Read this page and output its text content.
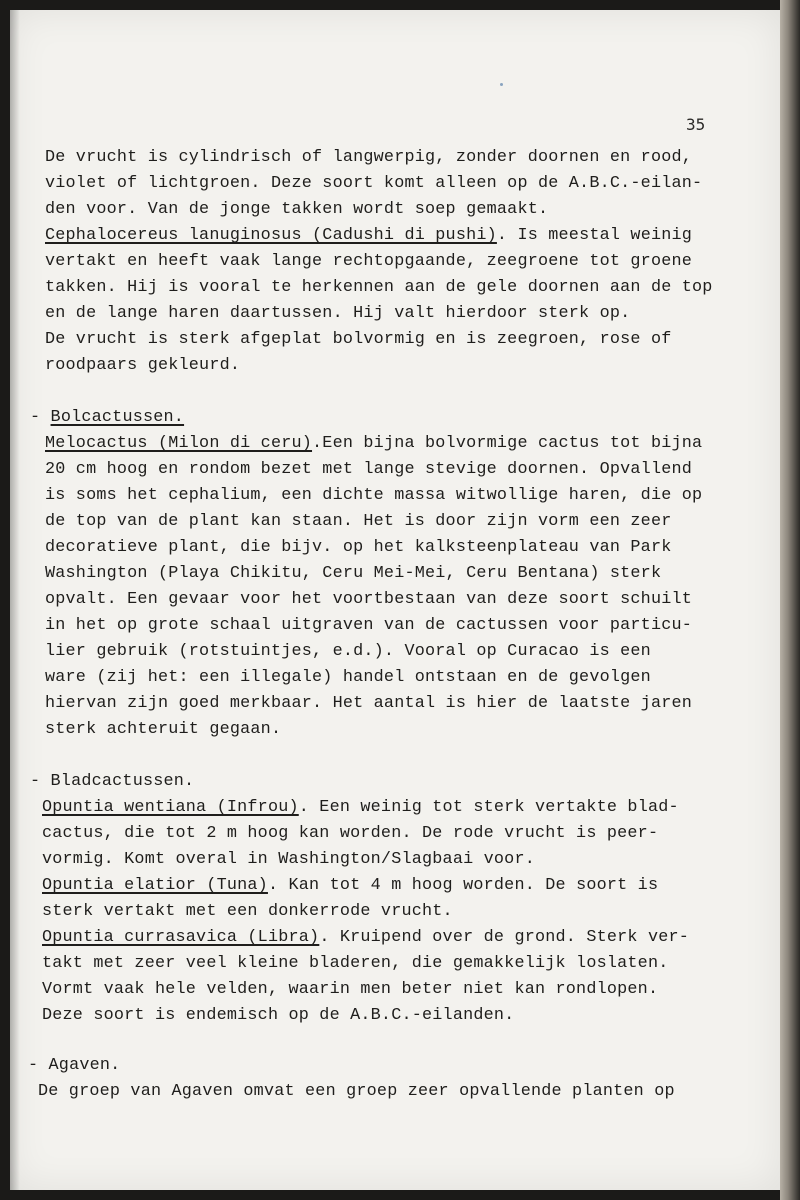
35
De vrucht is cylindrisch of langwerpig, zonder doornen en rood,
violet of lichtgroen. Deze soort komt alleen op de A.B.C.-eilan-
den voor. Van de jonge takken wordt soep gemaakt.
Cephalocereus lanuginosus (Cadushi di pushi). Is meestal weinig
vertakt en heeft vaak lange rechtopgaande, zeegroene tot groene
takken. Hij is vooral te herkennen aan de gele doornen aan de top
en de lange haren daartussen. Hij valt hierdoor sterk op.
De vrucht is sterk afgeplat bolvormig en is zeegroen, rose of
roodpaars gekleurd.
- Bolcactussen.
Melocactus (Milon di ceru).Een bijna bolvormige cactus tot bijna
20 cm hoog en rondom bezet met lange stevige doornen. Opvallend
is soms het cephalium, een dichte massa witwollige haren, die op
de top van de plant kan staan. Het is door zijn vorm een zeer
decoratieve plant, die bijv. op het kalksteenplateau van Park
Washington (Playa Chikitu, Ceru Mei-Mei, Ceru Bentana) sterk
opvalt. Een gevaar voor het voortbestaan van deze soort schuilt
in het op grote schaal uitgraven van de cactussen voor particu-
lier gebruik (rotstuintjes, e.d.). Vooral op Curacao is een
ware (zij het: een illegale) handel ontstaan en de gevolgen
hiervan zijn goed merkbaar. Het aantal is hier de laatste jaren
sterk achteruit gegaan.
- Bladcactussen.
Opuntia wentiana (Infrou). Een weinig tot sterk vertakte blad-
cactus, die tot 2 m hoog kan worden. De rode vrucht is peer-
vormig. Komt overal in Washington/Slagbaai voor.
Opuntia elatior (Tuna). Kan tot 4 m hoog worden. De soort is
sterk vertakt met een donkerrode vrucht.
Opuntia currasavica (Libra). Kruipend over de grond. Sterk ver-
takt met zeer veel kleine bladeren, die gemakkelijk loslaten.
Vormt vaak hele velden, waarin men beter niet kan rondlopen.
Deze soort is endemisch op de A.B.C.-eilanden.
- Agaven.
De groep van Agaven omvat een groep zeer opvallende planten op
